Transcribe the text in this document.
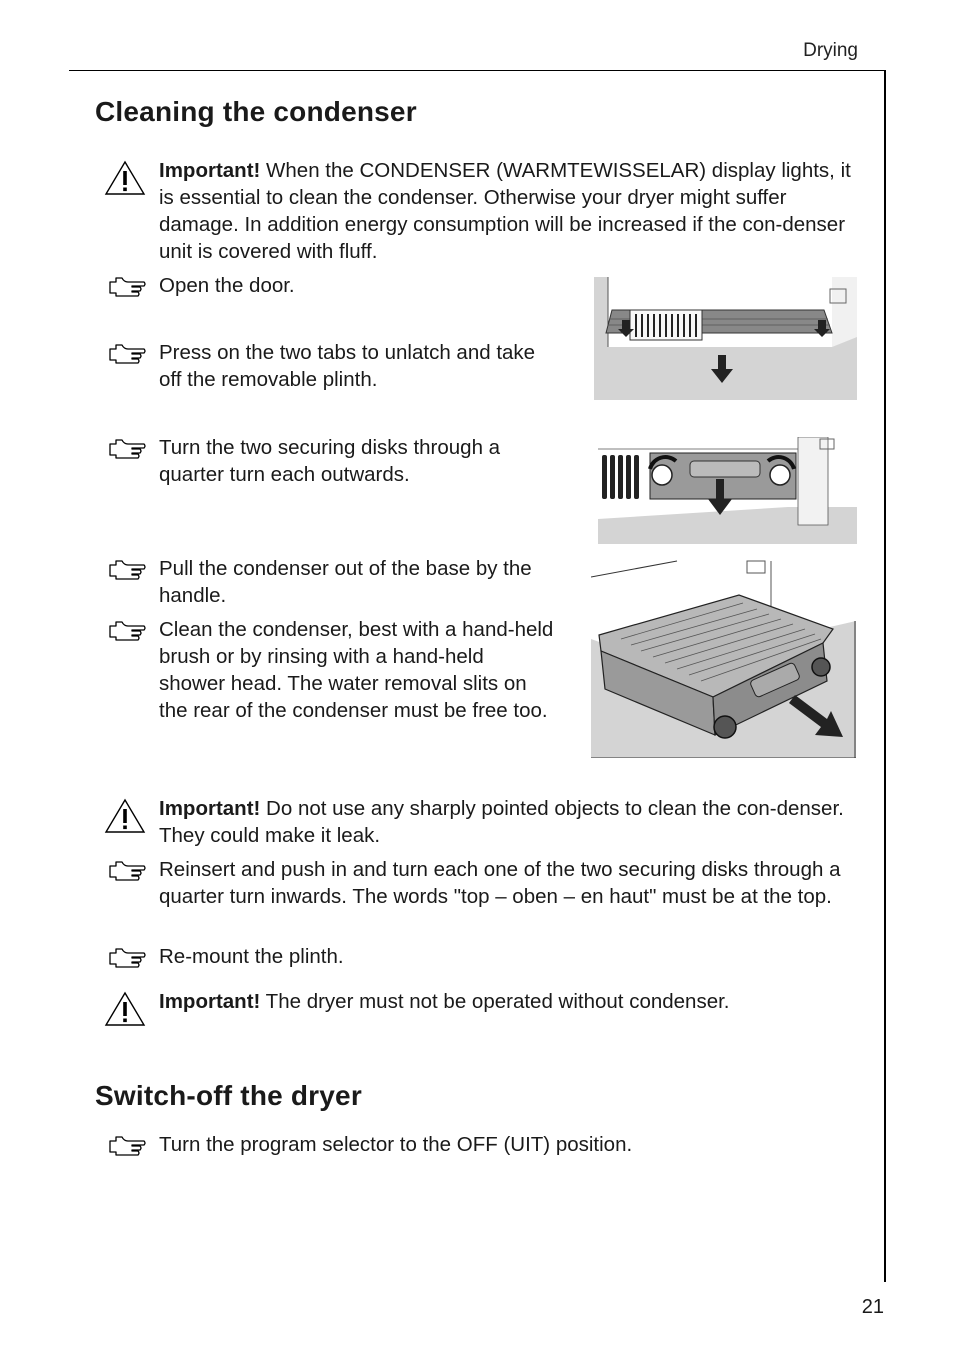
Drying
Cleaning the condenser

Important! When the CONDENSER (WARMTEWISSELAR) display lights, it is essential to clean the condenser. Otherwise your dryer might suffer damage. In addition energy consumption will be increased if the con-denser unit is covered with fluff.

Open the door.

Press on the two tabs to unlatch and take off the removable plinth.

Turn the two securing disks through a quarter turn each outwards.

Pull the condenser out of the base by the handle.

Clean the condenser, best with a hand-held brush or by rinsing with a hand-held shower head. The water removal slits on the rear of the condenser must be free too.

Important! Do not use any sharply pointed objects to clean the con-denser. They could make it leak.

Reinsert and push in and turn each one of the two securing disks through a quarter turn inwards. The words "top – oben – en haut" must be at the top.

Re-mount the plinth.

Important! The dryer must not be operated without condenser.

Switch-off the dryer

Turn the program selector to the OFF (UIT) position.

21
